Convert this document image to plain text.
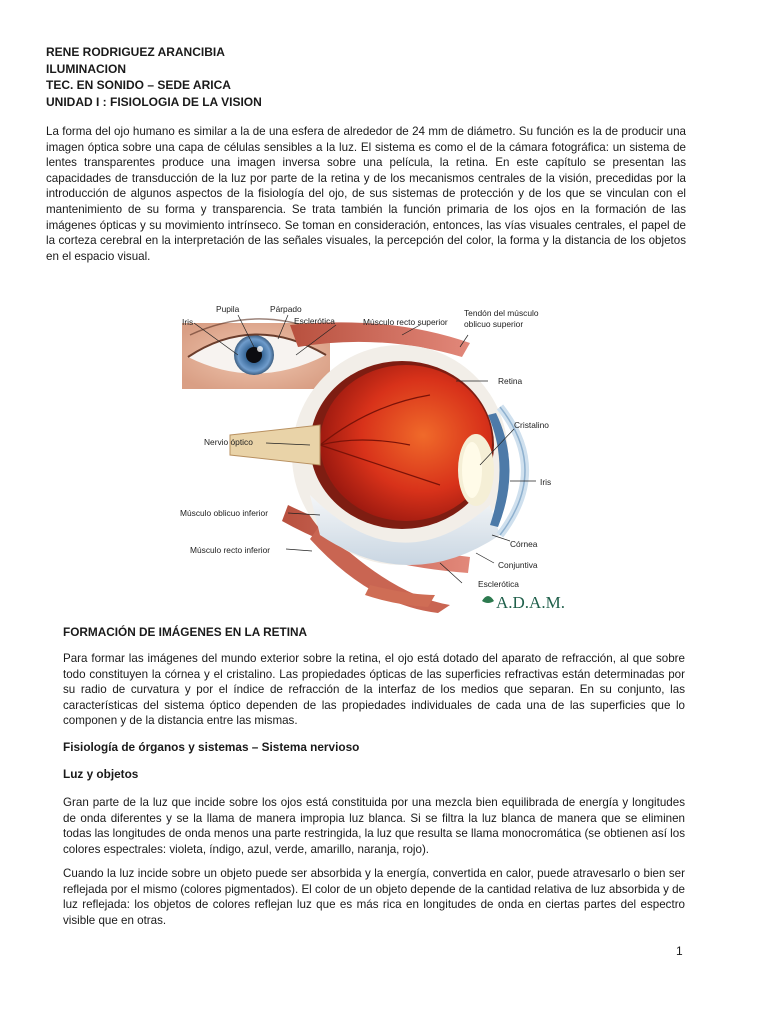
RENE RODRIGUEZ ARANCIBIA
ILUMINACION
TEC. EN SONIDO – SEDE ARICA
UNIDAD I : FISIOLOGIA DE LA VISION
La forma del ojo humano es similar a la de una esfera de alrededor de 24 mm de diámetro. Su función es la de producir una imagen óptica sobre una capa de células sensibles a la luz. El sistema es como el de la cámara fotográfica: un sistema de lentes transparentes produce una imagen inversa sobre una película, la retina. En este capítulo se presentan las capacidades de transducción de la luz por parte de la retina y de los mecanismos centrales de la visión, precedidas por la introducción de algunos aspectos de la fisiología del ojo, de sus sistemas de protección y de los que se vinculan con el mantenimiento de su forma y transparencia. Se trata también la función primaria de los ojos en la formación de las imágenes ópticas y su movimiento intrínseco. Se toman en consideración, entonces, las vías visuales centrales, el papel de la corteza cerebral en la interpretación de las señales visuales, la percepción del color, la forma y la distancia de los objetos en el espacio visual.
Pupila	Párpado
Iris	Esclerótica	Músculo recto superior
Tendón del músculo
oblicuo superior
Retina
Cristalino
Nervio óptico
Iris
Músculo oblicuo inferior
Córnea
Músculo recto inferior
Conjuntiva
Esclerótica
A.D.A.M.
FORMACIÓN DE IMÁGENES EN LA RETINA
Para formar las imágenes del mundo exterior sobre la retina, el ojo está dotado del aparato de refracción, al que sobre todo constituyen la córnea y el cristalino. Las propiedades ópticas de las superficies refractivas están determinadas por su radio de curvatura y por el índice de refracción de la interfaz de los medios que separan. En su conjunto, las características del sistema óptico dependen de las propiedades individuales de cada una de las superficies que lo componen y de la distancia entre las mismas.
Fisiología de órganos y sistemas – Sistema nervioso
Luz y objetos
Gran parte de la luz que incide sobre los ojos está constituida por una mezcla bien equilibrada de energía y longitudes de onda diferentes y se la llama de manera impropia luz blanca. Si se filtra la luz blanca de manera que se eliminen todas las longitudes de onda menos una parte restringida, la luz que resulta se llama monocromática (se obtienen así los colores espectrales: violeta, índigo, azul, verde, amarillo, naranja, rojo).
Cuando la luz incide sobre un objeto puede ser absorbida y la energía, convertida en calor, puede atravesarlo o bien ser reflejada por el mismo (colores pigmentados). El color de un objeto depende de la cantidad relativa de luz absorbida y de luz reflejada: los objetos de colores reflejan luz que es más rica en longitudes de onda en ciertas partes del espectro visible que en otras.
1
